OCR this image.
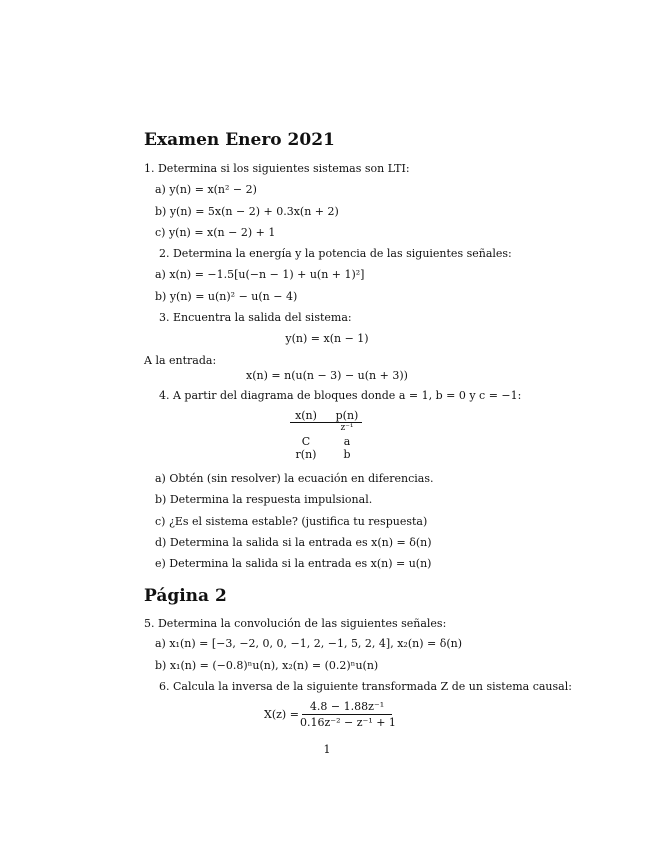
Examen Enero 2021
1. Determina si los siguientes sistemas son LTI:
a) y(n) = x(n² − 2)
b) y(n) = 5x(n − 2) + 0.3x(n + 2)
c) y(n) = x(n − 2) + 1
2. Determina la energía y la potencia de las siguientes señales:
a) x(n) = −1.5[u(−n − 1) + u(n + 1)²]
b) y(n) = u(n)² − u(n − 4)
3. Encuentra la salida del sistema:
y(n) = x(n − 1)
A la entrada:
x(n) = n(u(n − 3) − u(n + 3))
4. A partir del diagrama de bloques donde a = 1, b = 0 y c = −1:
x(n)	p(n)
z⁻¹
C	a
r(n)	b
a) Obtén (sin resolver) la ecuación en diferencias.
b) Determina la respuesta impulsional.
c) ¿Es el sistema estable? (justifica tu respuesta)
d) Determina la salida si la entrada es x(n) = δ(n)
e) Determina la salida si la entrada es x(n) = u(n)
Página 2
5. Determina la convolución de las siguientes señales:
a) x₁(n) = [−3, −2, 0, 0, −1, 2, −1, 5, 2, 4], x₂(n) = δ(n)
b) x₁(n) = (−0.8)ⁿu(n), x₂(n) = (0.2)ⁿu(n)
6. Calcula la inversa de la siguiente transformada Z de un sistema causal:
X(z) =
4.8 − 1.88z⁻¹
0.16z⁻² − z⁻¹ + 1
1
